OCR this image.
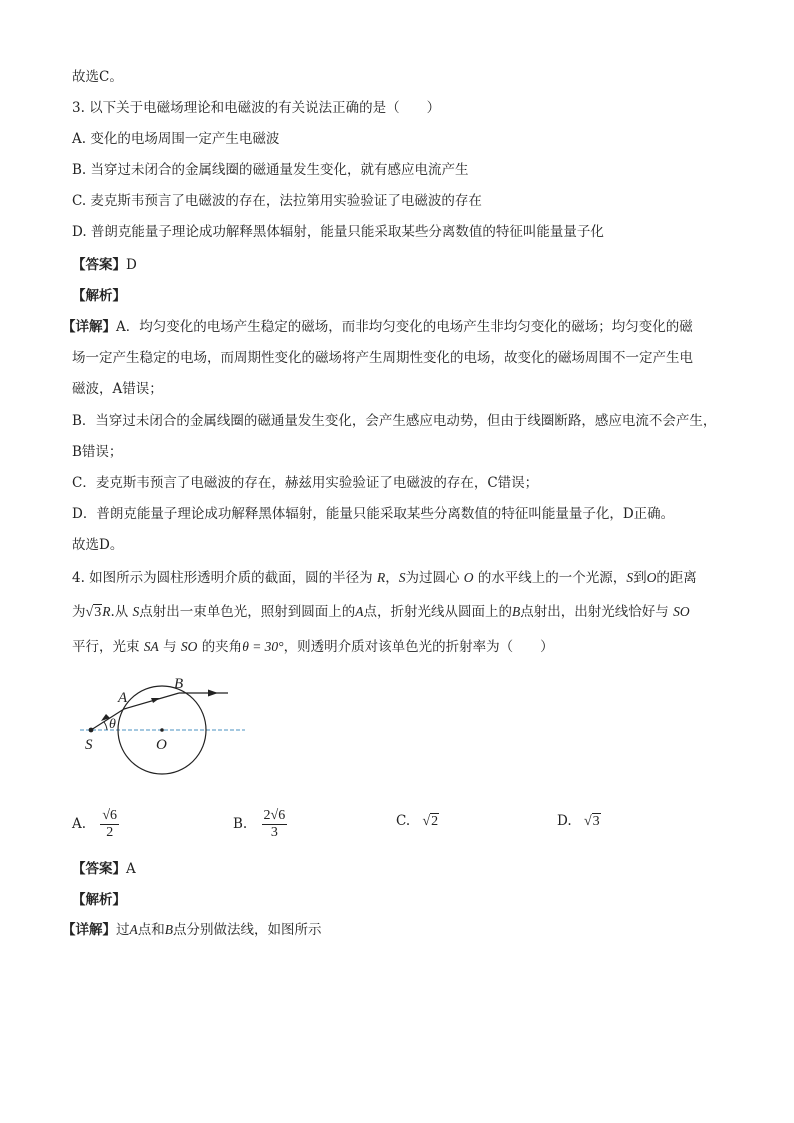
故选C。
3. 以下关于电磁场理论和电磁波的有关说法正确的是（　　）
A. 变化的电场周围一定产生电磁波
B. 当穿过未闭合的金属线圈的磁通量发生变化，就有感应电流产生
C. 麦克斯韦预言了电磁波的存在，法拉第用实验验证了电磁波的存在
D. 普朗克能量子理论成功解释黑体辐射，能量只能采取某些分离数值的特征叫能量量子化
【答案】D
【解析】
【详解】A．均匀变化的电场产生稳定的磁场，而非均匀变化的电场产生非均匀变化的磁场；均匀变化的磁
场一定产生稳定的电场，而周期性变化的磁场将产生周期性变化的电场，故变化的磁场周围不一定产生电
磁波，A错误；
B．当穿过未闭合的金属线圈的磁通量发生变化，会产生感应电动势，但由于线圈断路，感应电流不会产生，
B错误；
C．麦克斯韦预言了电磁波的存在，赫兹用实验验证了电磁波的存在，C错误；
D．普朗克能量子理论成功解释黑体辐射，能量只能采取某些分离数值的特征叫能量量子化，D正确。
故选D。
4. 如图所示为圆柱形透明介质的截面，圆的半径为 R，S为过圆心 O 的水平线上的一个光源，S到O的距离
为√3R.从 S点射出一束单色光，照射到圆面上的A点，折射光线从圆面上的B点射出，出射光线恰好与 SO
平行，光束 SA 与 SO 的夹角θ = 30°，则透明介质对该单色光的折射率为（　　）
A
B
θ
S	O
A. $\frac{√6}{2}$	B. $\frac{2√6}{3}$	C. √2	D. √3
【答案】A
【解析】
【详解】过A点和B点分别做法线，如图所示
